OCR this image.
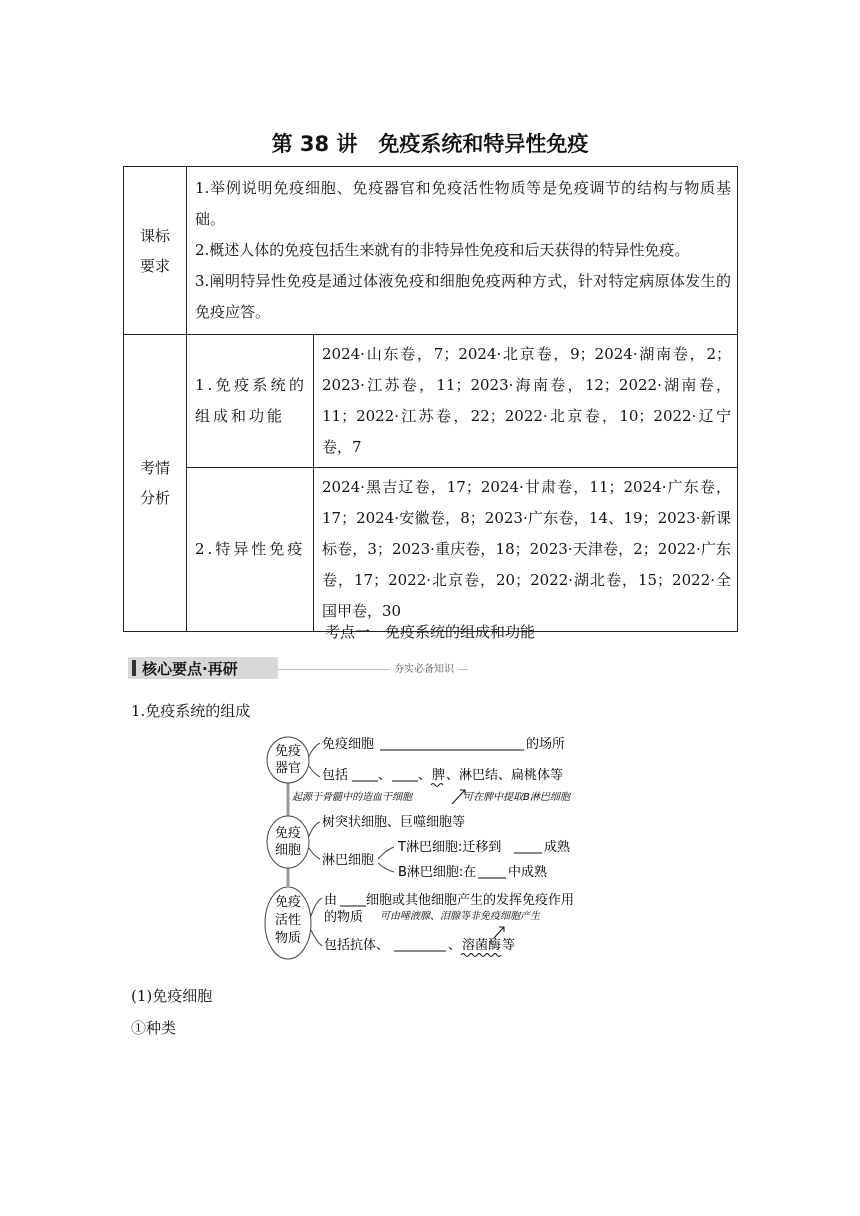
第 38 讲　免疫系统和特异性免疫
课标要求	1.举例说明免疫细胞、免疫器官和免疫活性物质等是免疫调节的结构与物质基础。
2.概述人体的免疫包括生来就有的非特异性免疫和后天获得的特异性免疫。
3.阐明特异性免疫是通过体液免疫和细胞免疫两种方式，针对特定病原体发生的免疫应答。	

考情分析	1.免疫系统的组成和功能	2024·山东卷，7；2024·北京卷，9；2024·湖南卷，2；2023·江苏卷，11；2023·海南卷，12；2022·湖南卷，11；2022·江苏卷，22；2022·北京卷，10；2022·辽宁卷，7
	2.特异性免疫	2024·黑吉辽卷，17；2024·甘肃卷，11；2024·广东卷，17；2024·安徽卷，8；2023·广东卷，14、19；2023·新课标卷，3；2023·重庆卷，18；2023·天津卷，2；2022·广东卷，17；2022·北京卷，20；2022·湖北卷，15；2022·全国甲卷，30
考点一　免疫系统的组成和功能
核心要点·再研	夯实必备知识
1.免疫系统的组成
免疫
器官
免疫细胞	的场所
包括 、 、 脾 、淋巴结、扁桃体等
起源于骨髓中的造血干细胞	可在脾中提取B淋巴细胞
免疫
细胞
树突状细胞、巨噬细胞等
淋巴细胞
T淋巴细胞:迁移到	成熟
B淋巴细胞:在 中成熟
免疫
活性
物质
由 细胞或其他细胞产生的发挥免疫作用
的物质 可由唾液腺、泪腺等非免疫细胞产生
包括抗体、	、 溶菌酶 等
(1)免疫细胞
①种类
